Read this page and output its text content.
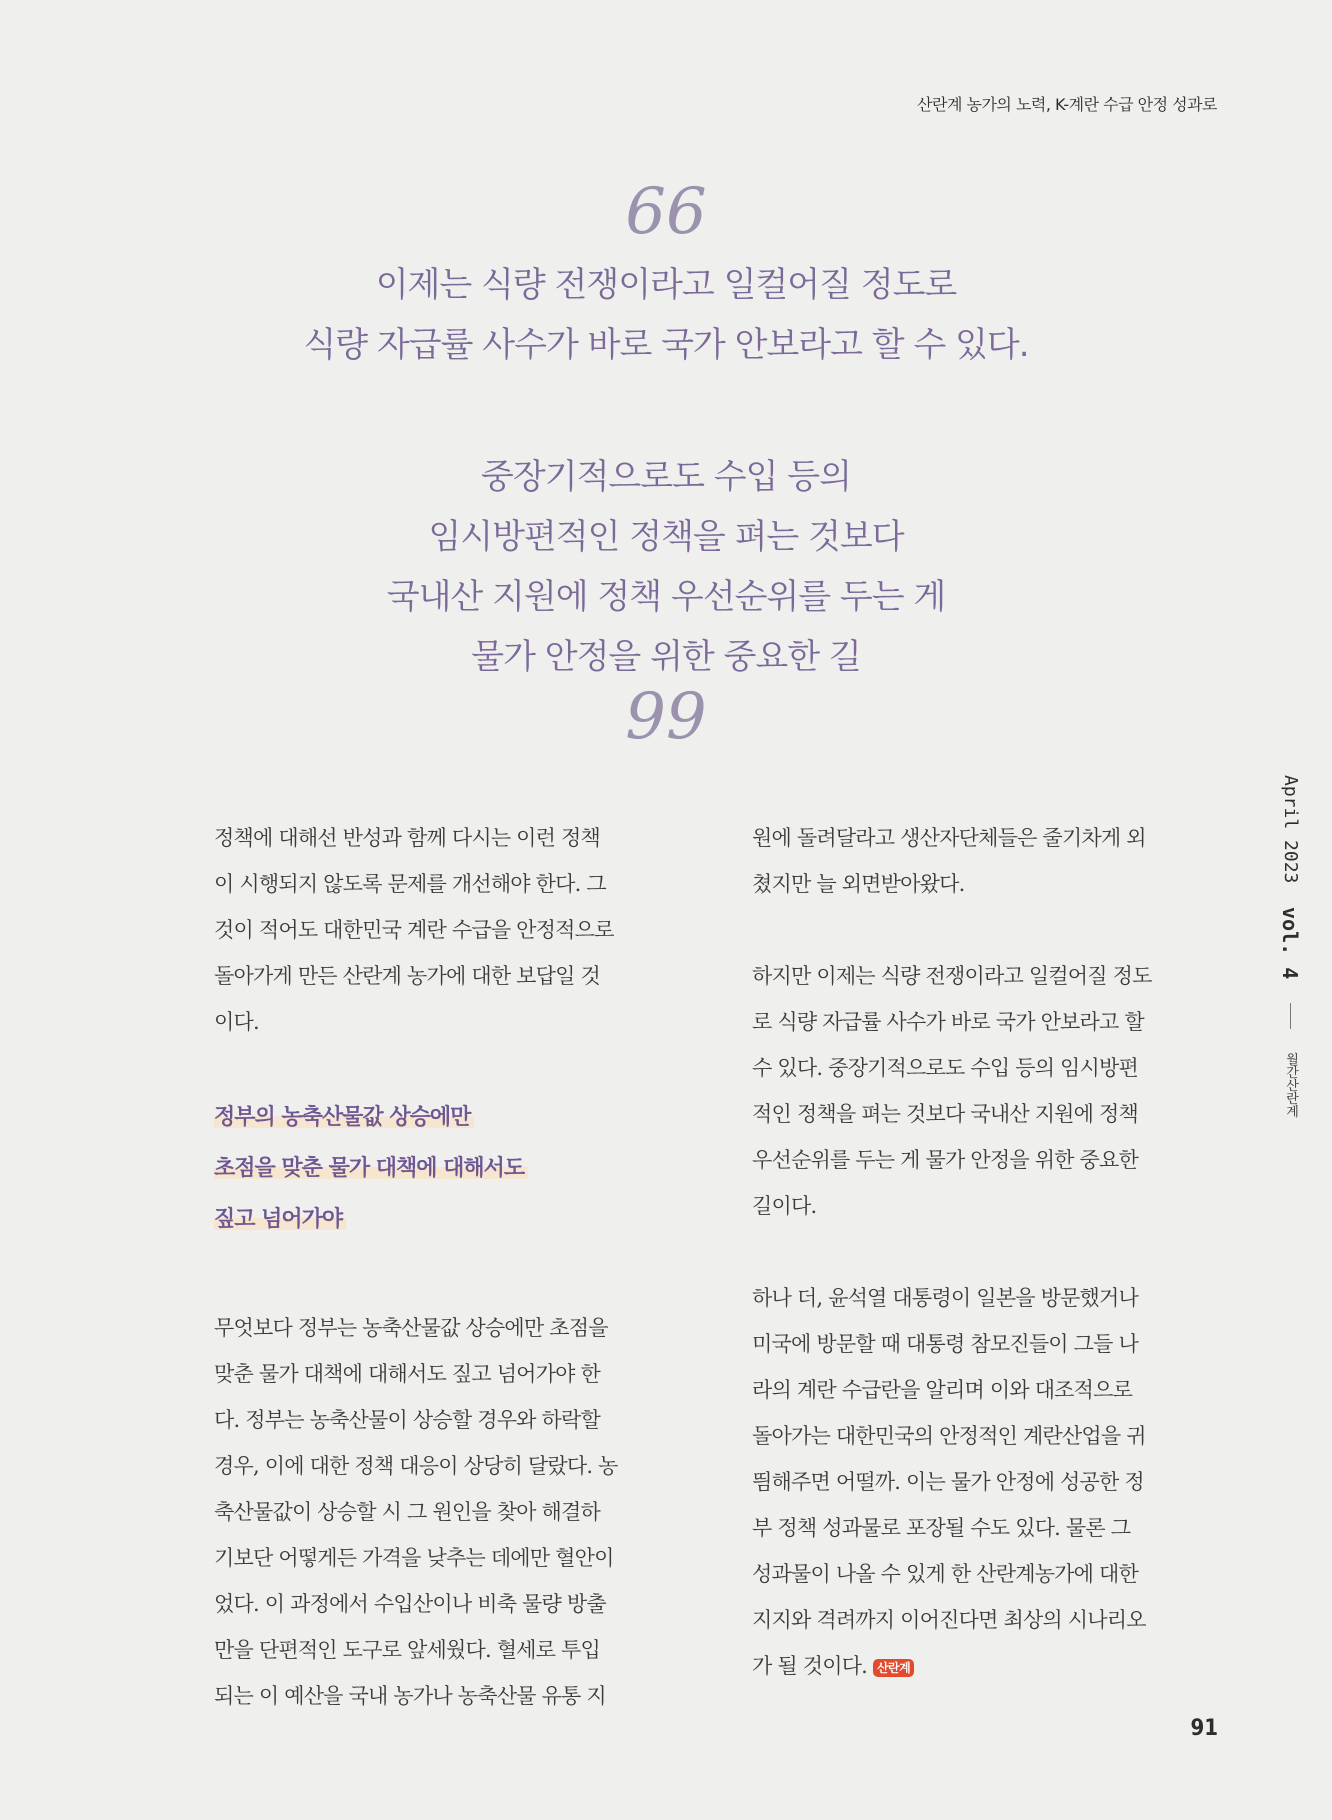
산란계 농가의 노력, K-계란 수급 안정 성과로
66
이제는 식량 전쟁이라고 일컬어질 정도로
식량 자급률 사수가 바로 국가 안보라고 할 수 있다.
중장기적으로도 수입 등의
임시방편적인 정책을 펴는 것보다
국내산 지원에 정책 우선순위를 두는 게
물가 안정을 위한 중요한 길
99
April 2023 vol. 4  월간산란계

정책에 대해선 반성과 함께 다시는 이런 정책
이 시행되지 않도록 문제를 개선해야 한다. 그
것이 적어도 대한민국 계란 수급을 안정적으로
돌아가게 만든 산란계 농가에 대한 보답일 것
이다.

정부의 농축산물값 상승에만
초점을 맞춘 물가 대책에 대해서도
짚고 넘어가야

무엇보다 정부는 농축산물값 상승에만 초점을
맞춘 물가 대책에 대해서도 짚고 넘어가야 한
다. 정부는 농축산물이 상승할 경우와 하락할
경우, 이에 대한 정책 대응이 상당히 달랐다. 농
축산물값이 상승할 시 그 원인을 찾아 해결하
기보단 어떻게든 가격을 낮추는 데에만 혈안이
었다. 이 과정에서 수입산이나 비축 물량 방출
만을 단편적인 도구로 앞세웠다. 혈세로 투입
되는 이 예산을 국내 농가나 농축산물 유통 지

원에 돌려달라고 생산자단체들은 줄기차게 외
쳤지만 늘 외면받아왔다.

하지만 이제는 식량 전쟁이라고 일컬어질 정도
로 식량 자급률 사수가 바로 국가 안보라고 할
수 있다. 중장기적으로도 수입 등의 임시방편
적인 정책을 펴는 것보다 국내산 지원에 정책
우선순위를 두는 게 물가 안정을 위한 중요한
길이다.

하나 더, 윤석열 대통령이 일본을 방문했거나
미국에 방문할 때 대통령 참모진들이 그들 나
라의 계란 수급란을 알리며 이와 대조적으로
돌아가는 대한민국의 안정적인 계란산업을 귀
띔해주면 어떨까. 이는 물가 안정에 성공한 정
부 정책 성과물로 포장될 수도 있다. 물론 그
성과물이 나올 수 있게 한 산란계농가에 대한
지지와 격려까지 이어진다면 최상의 시나리오
가 될 것이다. 산란계

91
